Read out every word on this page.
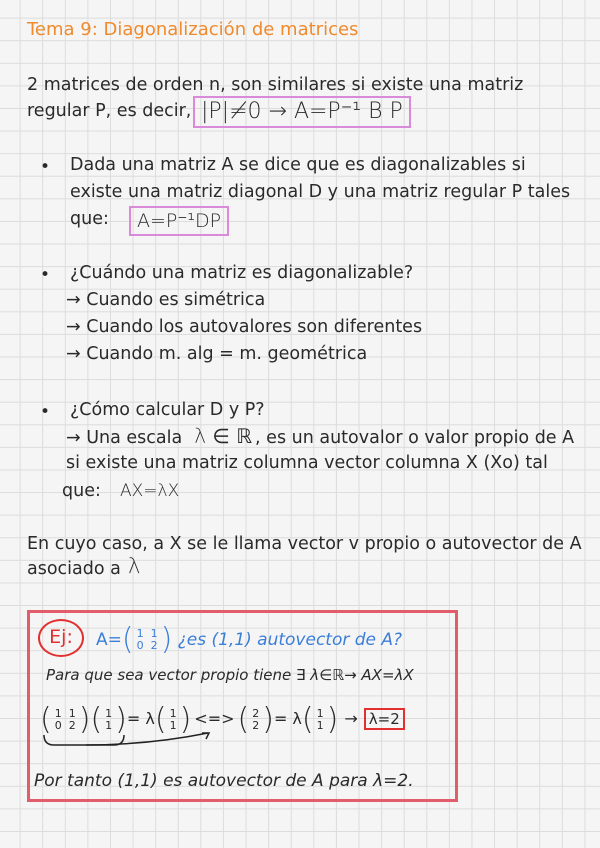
Tema 9: Diagonalización de matrices
2 matrices de orden n, son similares si existe una matriz
regular P, es decir, |P|≠0 → A=P⁻¹ B P
• Dada una matriz A se dice que es diagonalizables si
existe una matriz diagonal D y una matriz regular P tales
que:	A=P⁻¹DP
• ¿Cuándo una matriz es diagonalizable?
→ Cuando es simétrica
→ Cuando los autovalores son diferentes
→ Cuando m. alg = m. geométrica
• ¿Cómo calcular D y P?
→ Una escala λ ∈ ℝ , es un autovalor o valor propio de A
si existe una matriz columna vector columna X (Xo) tal
que: AX=λX
En cuyo caso, a X se le llama vector v propio o autovector de A
asociado a λ
Ej:	A=( 1  1
0  2 ) ¿es (1,1) autovector de A?
Para que sea vector propio tiene ∃ λ∈ℝ→ AX=λX
( 1  1
0  2 )( 1
1 )= λ( 1
1 ) <=> ( 2
2 )= λ( 1
1 ) → λ=2
Por tanto (1,1) es autovector de A para λ=2.
